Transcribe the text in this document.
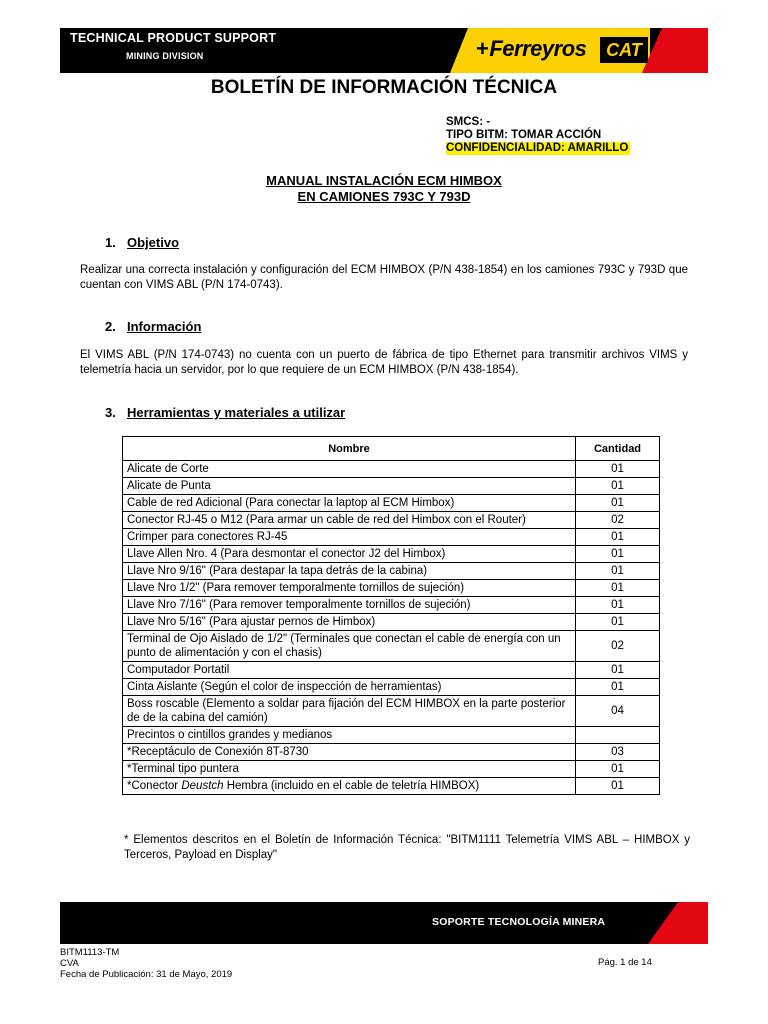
TECHNICAL PRODUCT SUPPORT
MINING DIVISION	+Ferreyros	CAT
BOLETÍN DE INFORMACIÓN TÉCNICA
SMCS: -
TIPO BITM: TOMAR ACCIÓN
CONFIDENCIALIDAD: AMARILLO
MANUAL INSTALACIÓN ECM HIMBOX
EN CAMIONES 793C Y 793D
1. Objetivo
Realizar una correcta instalación y configuración del ECM HIMBOX (P/N 438-1854) en los camiones 793C y 793D que cuentan con VIMS ABL (P/N 174-0743).
2. Información
El VIMS ABL (P/N 174-0743) no cuenta con un puerto de fábrica de tipo Ethernet para transmitir archivos VIMS y telemetría hacia un servidor, por lo que requiere de un ECM HIMBOX (P/N 438-1854).
3. Herramientas y materiales a utilizar
Nombre	Cantidad
Alicate de Corte	01
Alicate de Punta	01
Cable de red Adicional (Para conectar la laptop al ECM Himbox)	01
Conector RJ-45 o M12 (Para armar un cable de red del Himbox con el Router)	02
Crimper para conectores RJ-45	01
Llave Allen Nro. 4 (Para desmontar el conector J2 del Himbox)	01
Llave Nro 9/16" (Para destapar la tapa detrás de la cabina)	01
Llave Nro 1/2" (Para remover temporalmente tornillos de sujeción)	01
Llave Nro 7/16" (Para remover temporalmente tornillos de sujeción)	01
Llave Nro 5/16" (Para ajustar pernos de Himbox)	01
Terminal de Ojo Aislado de 1/2" (Terminales que conectan el cable de energía con un punto de alimentación y con el chasis)	02
Computador Portatil	01
Cinta Aislante (Según el color de inspección de herramientas)	01
Boss roscable (Elemento a soldar para fijación del ECM HIMBOX en la parte posterior de de la cabina del camión)	04
Precintos o cintillos grandes y medianos	
*Receptáculo de Conexión 8T-8730	03
*Terminal tipo puntera	01
*Conector Deustch Hembra (incluido en el cable de teletría HIMBOX)	01
* Elementos descritos en el Boletín de Información Técnica: "BITM1111 Telemetría VIMS ABL – HIMBOX y Terceros, Payload en Display"
SOPORTE TECNOLOGÍA MINERA
BITM1113-TM
CVA
Fecha de Publicación: 31 de Mayo, 2019
Pág. 1 de 14
